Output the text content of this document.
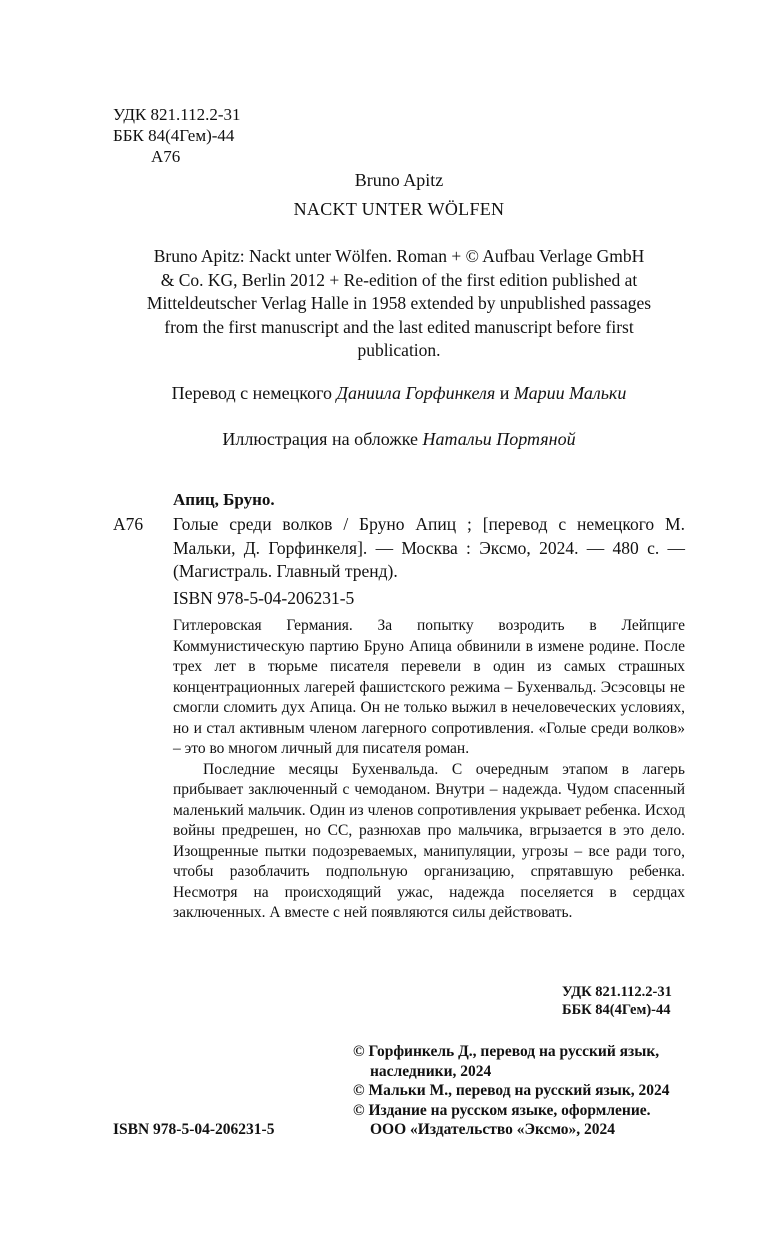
УДК 821.112.2-31
ББК 84(4Гем)-44
А76
Bruno Apitz
NACKT UNTER WÖLFEN
Bruno Apitz: Nackt unter Wölfen. Roman + © Aufbau Verlage GmbH
& Co. KG, Berlin 2012 + Re-edition of the first edition published at
Mitteldeutscher Verlag Halle in 1958 extended by unpublished passages
from the first manuscript and the last edited manuscript before first
publication.
Перевод с немецкого Даниила Горфинкеля и Марии Мальки
Иллюстрация на обложке Натальи Портяной
Апиц, Бруно.
А76 Голые среди волков / Бруно Апиц ; [перевод с немецкого М. Мальки, Д. Горфинкеля]. — Москва : Эксмо, 2024. — 480 с. — (Магистраль. Главный тренд).
ISBN 978-5-04-206231-5

Гитлеровская Германия. За попытку возродить в Лейпциге Коммунистическую партию Бруно Апица обвинили в измене родине. После трех лет в тюрьме писателя перевели в один из самых страшных концентрационных лагерей фашистского режима – Бухенвальд. Эсэсовцы не смогли сломить дух Апица. Он не только выжил в нечеловеческих условиях, но и стал активным членом лагерного сопротивления. «Голые среди волков» – это во многом личный для писателя роман.

Последние месяцы Бухенвальда. С очередным этапом в лагерь прибывает заключенный с чемоданом. Внутри – надежда. Чудом спасенный маленький мальчик. Один из членов сопротивления укрывает ребенка. Исход войны предрешен, но СС, разнюхав про мальчика, вгрызается в это дело. Изощренные пытки подозреваемых, манипуляции, угрозы – все ради того, чтобы разоблачить подпольную организацию, спрятавшую ребенка. Несмотря на происходящий ужас, надежда поселяется в сердцах заключенных. А вместе с ней появляются силы действовать.

УДК 821.112.2-31
ББК 84(4Гем)-44
© Горфинкель Д., перевод на русский язык,
наследники, 2024
© Мальки М., перевод на русский язык, 2024
© Издание на русском языке, оформление.
ООО «Издательство «Эксмо», 2024
ISBN 978-5-04-206231-5
